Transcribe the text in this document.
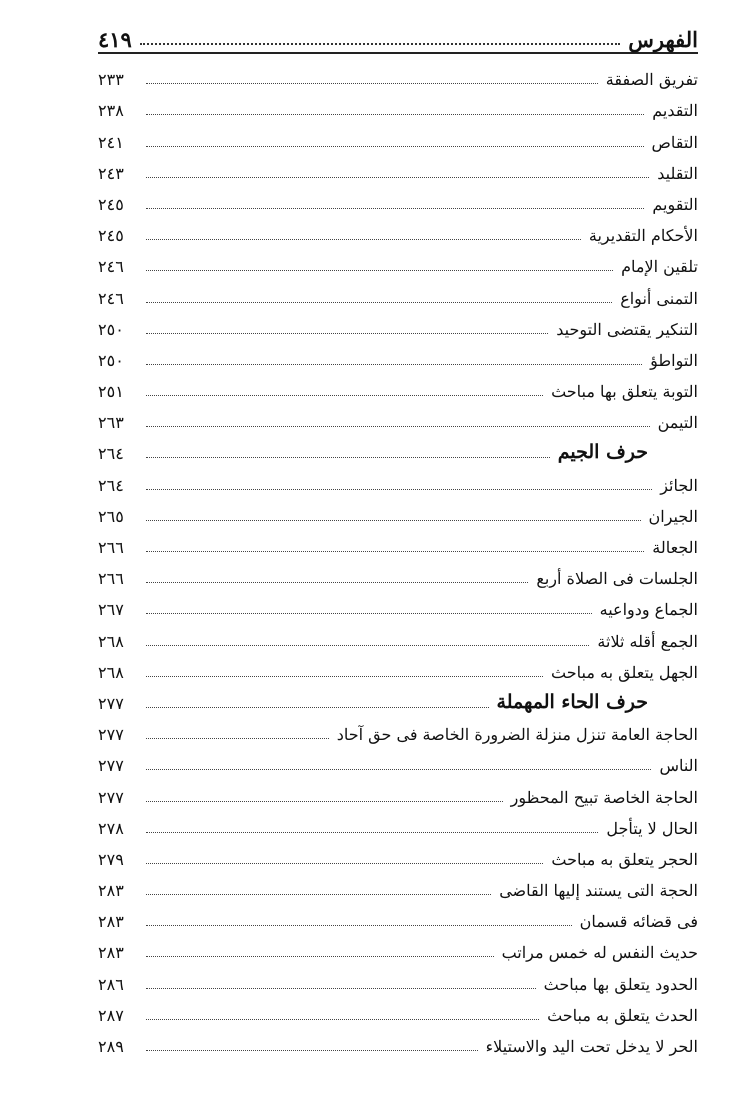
الفهرس
٤١٩
تفريق الصفقة
٢٣٣
التقديم
٢٣٨
التقاص
٢٤١
التقليد
٢٤٣
التقويم
٢٤٥
الأحكام التقديرية
٢٤٥
تلقين الإمام
٢٤٦
التمنى أنواع
٢٤٦
التنكير يقتضى التوحيد
٢٥٠
التواطؤ
٢٥٠
التوبة يتعلق بها مباحث
٢٥١
التيمن
٢٦٣
حرف الجيم
٢٦٤
الجائز
٢٦٤
الجيران
٢٦٥
الجعالة
٢٦٦
الجلسات فى الصلاة أربع
٢٦٦
الجماع ودواعيه
٢٦٧
الجمع أقله ثلاثة
٢٦٨
الجهل يتعلق به مباحث
٢٦٨
حرف الحاء المهملة
٢٧٧
الحاجة العامة تنزل منزلة الضرورة الخاصة فى حق آحاد
٢٧٧
الناس
٢٧٧
الحاجة الخاصة تبيح المحظور
٢٧٧
الحال لا يتأجل
٢٧٨
الحجر يتعلق به مباحث
٢٧٩
الحجة التى يستند إليها القاضى
٢٨٣
فى قضائه قسمان
٢٨٣
حديث النفس له خمس مراتب
٢٨٣
الحدود يتعلق بها مباحث
٢٨٦
الحدث يتعلق به مباحث
٢٨٧
الحر لا يدخل تحت اليد والاستيلاء
٢٨٩
